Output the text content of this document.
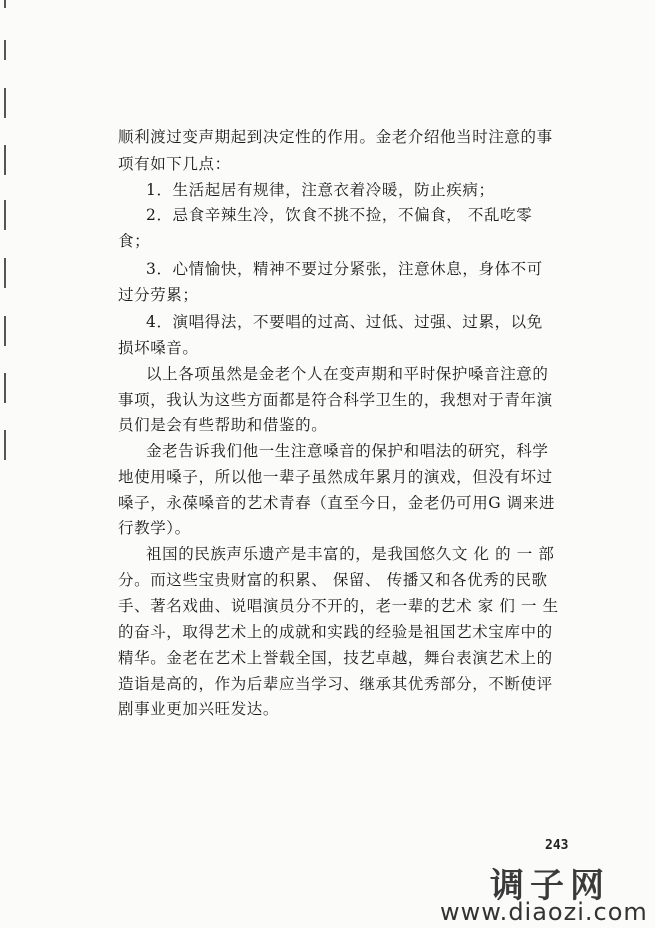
顺利渡过变声期起到决定性的作用。金老介绍他当时注意的事
项有如下几点：
1．生活起居有规律，注意衣着冷暖，防止疾病；
2．忌食辛辣生冷，饮食不挑不捡，不偏食， 不乱吃零
食；
3．心情愉快，精神不要过分紧张，注意休息，身体不可
过分劳累；
4．演唱得法，不要唱的过高、过低、过强、过累，以免
损坏嗓音。
以上各项虽然是金老个人在变声期和平时保护嗓音注意的
事项，我认为这些方面都是符合科学卫生的，我想对于青年演
员们是会有些帮助和借鉴的。
金老告诉我们他一生注意嗓音的保护和唱法的研究，科学
地使用嗓子，所以他一辈子虽然成年累月的演戏，但没有坏过
嗓子，永葆嗓音的艺术青春（直至今日，金老仍可用G 调来进
行教学）。
祖国的民族声乐遗产是丰富的，是我国悠久文 化 的 一 部
分。而这些宝贵财富的积累、 保留、 传播又和各优秀的民歌
手、著名戏曲、说唱演员分不开的，老一辈的艺术 家 们 一 生
的奋斗，取得艺术上的成就和实践的经验是祖国艺术宝库中的
精华。金老在艺术上誉载全国，技艺卓越，舞台表演艺术上的
造诣是高的，作为后辈应当学习、继承其优秀部分，不断使评
剧事业更加兴旺发达。
243
调子网
www.diaozi.com
